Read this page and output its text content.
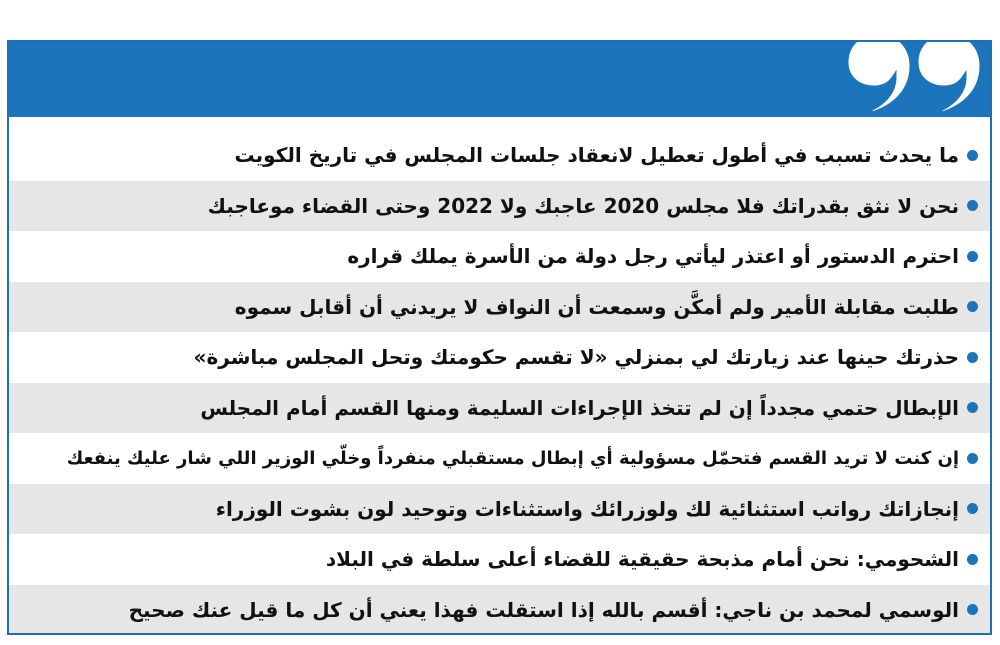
ما يحدث تسبب في أطول تعطيل لانعقاد جلسات المجلس في تاريخ الكويت
نحن لا نثق بقدراتك فلا مجلس 2020 عاجبك ولا 2022 وحتى القضاء موعاجبك
احترم الدستور أو اعتذر ليأتي رجل دولة من الأسرة يملك قراره
طلبت مقابلة الأمير ولم أمكَّن وسمعت أن النواف لا يريدني أن أقابل سموه
حذرتك حينها عند زيارتك لي بمنزلي «لا تقسم حكومتك وتحل المجلس مباشرة»
الإبطال حتمي مجدداً إن لم تتخذ الإجراءات السليمة ومنها القسم أمام المجلس
إن كنت لا تريد القسم فتحمّل مسؤولية أي إبطال مستقبلي منفرداً وخلّي الوزير اللي شار عليك ينفعك
إنجازاتك رواتب استثنائية لك ولوزرائك واستثناءات وتوحيد لون بشوت الوزراء
الشحومي: نحن أمام مذبحة حقيقية للقضاء أعلى سلطة في البلاد
الوسمي لمحمد بن ناجي: أقسم بالله إذا استقلت فهذا يعني أن كل ما قيل عنك صحيح
